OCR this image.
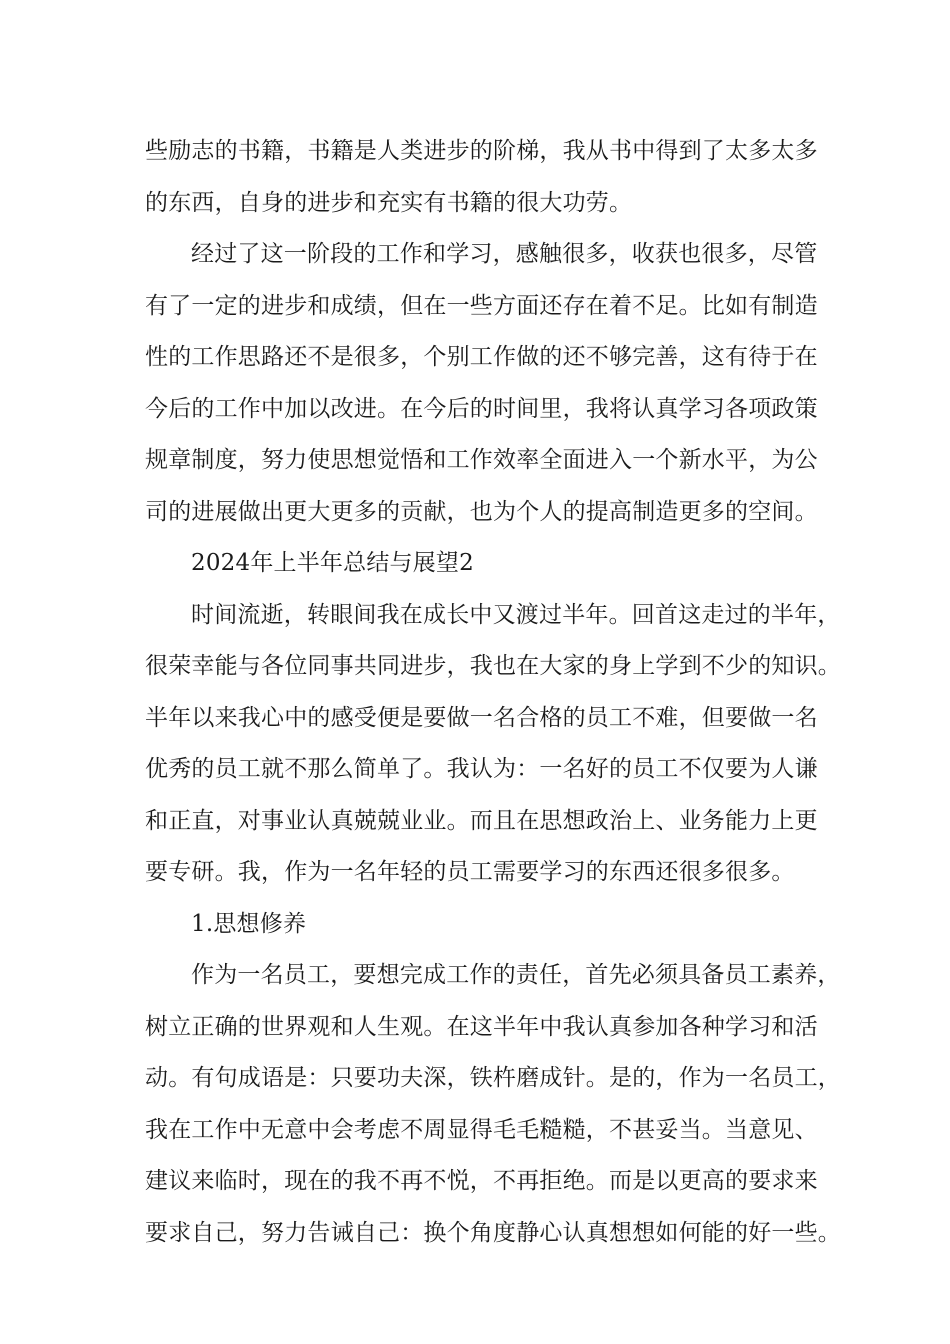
些励志的书籍，书籍是人类进步的阶梯，我从书中得到了太多太多
的东西，自身的进步和充实有书籍的很大功劳。
经过了这一阶段的工作和学习，感触很多，收获也很多，尽管
有了一定的进步和成绩，但在一些方面还存在着不足。比如有制造
性的工作思路还不是很多，个别工作做的还不够完善，这有待于在
今后的工作中加以改进。在今后的时间里，我将认真学习各项政策
规章制度，努力使思想觉悟和工作效率全面进入一个新水平，为公
司的进展做出更大更多的贡献，也为个人的提高制造更多的空间。
2024年上半年总结与展望2
时间流逝，转眼间我在成长中又渡过半年。回首这走过的半年，
很荣幸能与各位同事共同进步，我也在大家的身上学到不少的知识。
半年以来我心中的感受便是要做一名合格的员工不难，但要做一名
优秀的员工就不那么简单了。我认为：一名好的员工不仅要为人谦
和正直，对事业认真兢兢业业。而且在思想政治上、业务能力上更
要专研。我，作为一名年轻的员工需要学习的东西还很多很多。
1.思想修养
作为一名员工，要想完成工作的责任，首先必须具备员工素养，
树立正确的世界观和人生观。在这半年中我认真参加各种学习和活
动。有句成语是：只要功夫深，铁杵磨成针。是的，作为一名员工，
我在工作中无意中会考虑不周显得毛毛糙糙，不甚妥当。当意见、
建议来临时，现在的我不再不悦，不再拒绝。而是以更高的要求来
要求自己，努力告诫自己：换个角度静心认真想想如何能的好一些。
